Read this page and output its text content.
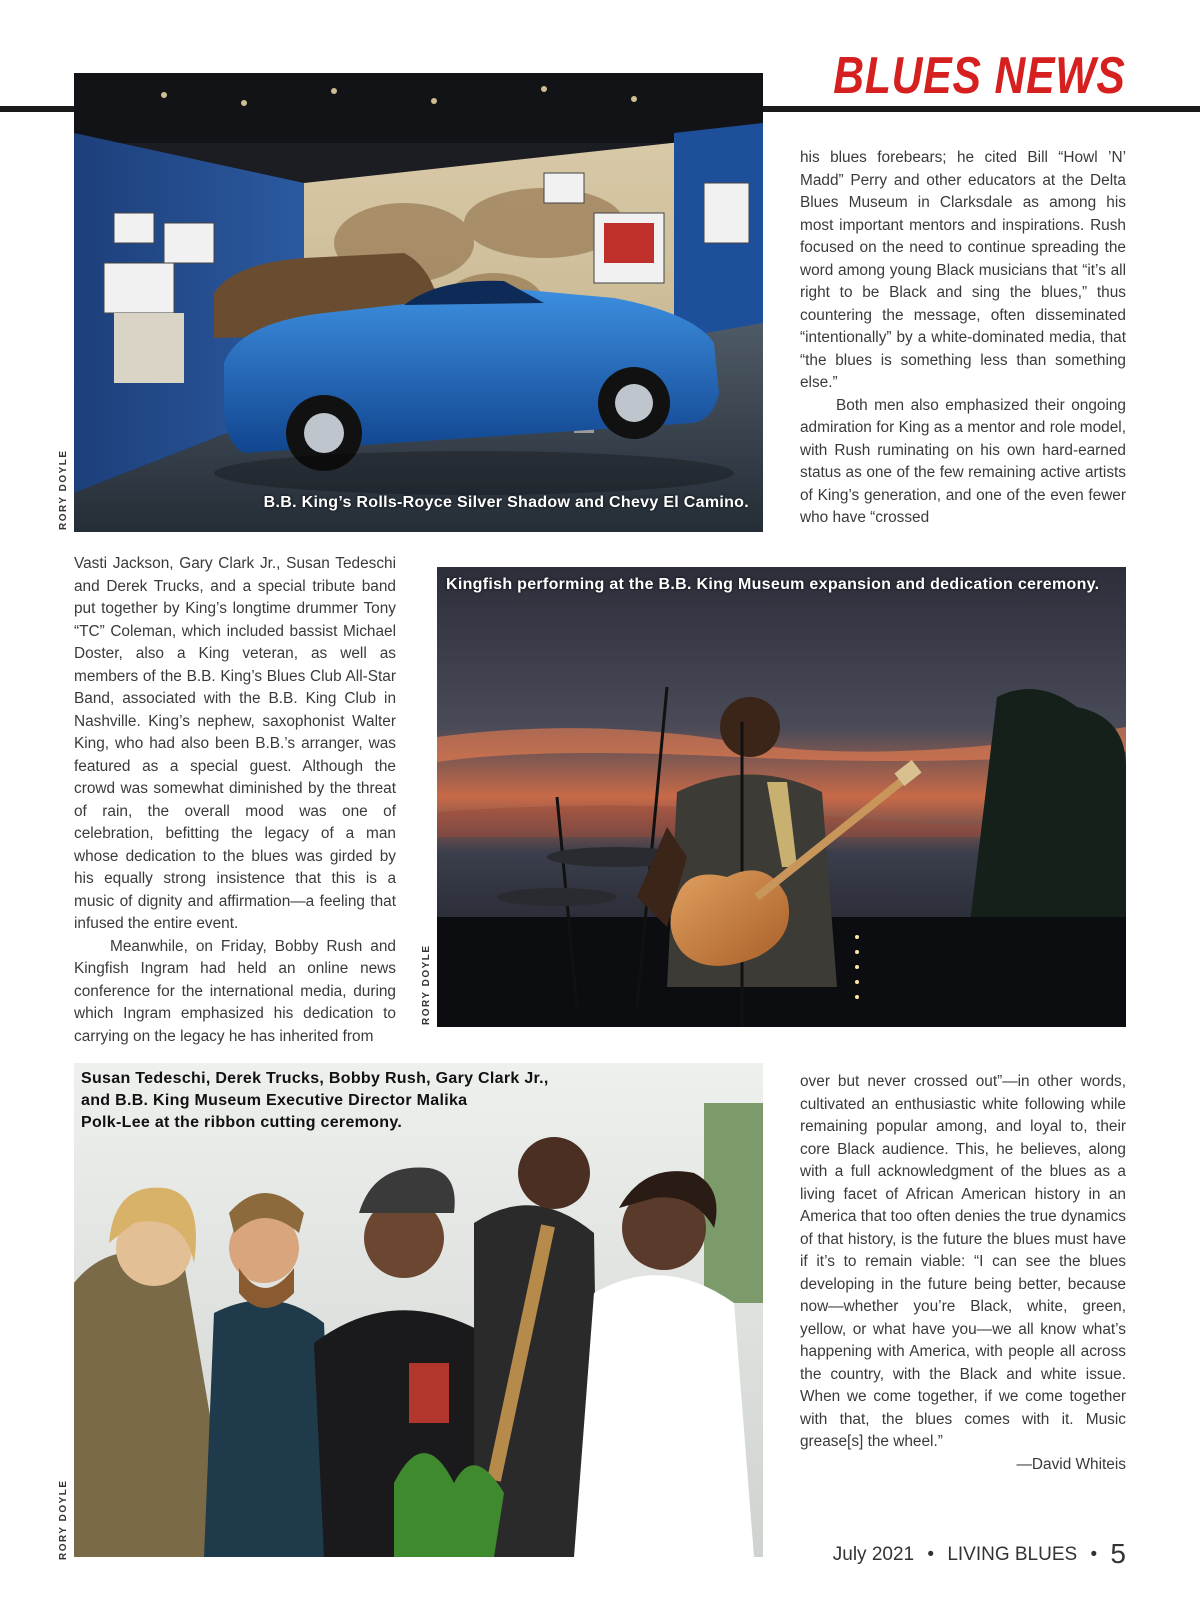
BLUES NEWS
B.B. King’s Rolls-Royce Silver Shadow and Chevy El Camino.
RORY DOYLE

his blues forebears; he cited Bill “Howl ’N’ Madd” Perry and other educators at the Delta Blues Museum in Clarksdale as among his most important mentors and inspirations. Rush focused on the need to continue spreading the word among young Black musicians that “it’s all right to be Black and sing the blues,” thus countering the message, often disseminated “intentionally” by a white-dominated media, that “the blues is something less than something else.”

Both men also emphasized their ongoing admiration for King as a mentor and role model, with Rush ruminating on his own hard-earned status as one of the few remaining active artists of King’s generation, and one of the even fewer who have “crossed

Vasti Jackson, Gary Clark Jr., Susan Tedeschi and Derek Trucks, and a special tribute band put together by King’s longtime drummer Tony “TC” Coleman, which included bassist Michael Doster, also a King veteran, as well as members of the B.B. King’s Blues Club All-Star Band, associated with the B.B. King Club in Nashville. King’s nephew, saxophonist Walter King, who had also been B.B.’s arranger, was featured as a special guest. Although the crowd was somewhat diminished by the threat of rain, the overall mood was one of celebration, befitting the legacy of a man whose dedication to the blues was girded by his equally strong insistence that this is a music of dignity and affirmation—a feeling that infused the entire event.

Meanwhile, on Friday, Bobby Rush and Kingfish Ingram had held an online news conference for the international media, during which Ingram emphasized his dedication to carrying on the legacy he has inherited from

Kingfish performing at the B.B. King Museum expansion and dedication ceremony.
RORY DOYLE
Susan Tedeschi, Derek Trucks, Bobby Rush, Gary Clark Jr.,
and B.B. King Museum Executive Director Malika
Polk-Lee at the ribbon cutting ceremony.
RORY DOYLE

over but never crossed out”—in other words, cultivated an enthusiastic white following while remaining popular among, and loyal to, their core Black audience. This, he believes, along with a full acknowledgment of the blues as a living facet of African American history in an America that too often denies the true dynamics of that history, is the future the blues must have if it’s to remain viable: “I can see the blues developing in the future being better, because now—whether you’re Black, white, green, yellow, or what have you—we all know what’s happening with America, with people all across the country, with the Black and white issue. When we come together, if we come together with that, the blues comes with it. Music grease[s] the wheel.”

—David Whiteis

July 2021 • LIVING BLUES • 5
